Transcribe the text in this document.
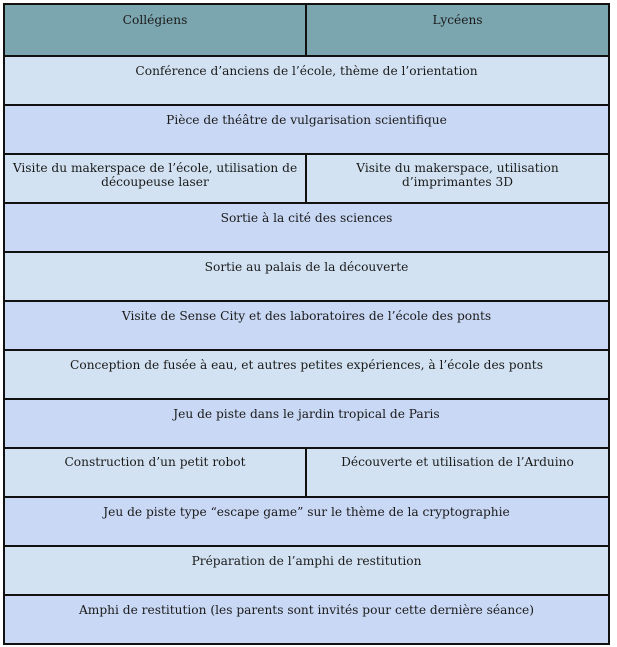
Collégiens	Lycéens
Conférence d’anciens de l’école, thème de l’orientation
Pièce de théâtre de vulgarisation scientifique
Visite du makerspace de l’école, utilisation de découpeuse laser
Visite du makerspace, utilisation d’imprimantes 3D
Sortie à la cité des sciences
Sortie au palais de la découverte
Visite de Sense City et des laboratoires de l’école des ponts
Conception de fusée à eau, et autres petites expériences, à l’école des ponts
Jeu de piste dans le jardin tropical de Paris
Construction d’un petit robot	Découverte et utilisation de l’Arduino
Jeu de piste type “escape game” sur le thème de la cryptographie
Préparation de l’amphi de restitution
Amphi de restitution (les parents sont invités pour cette dernière séance)
